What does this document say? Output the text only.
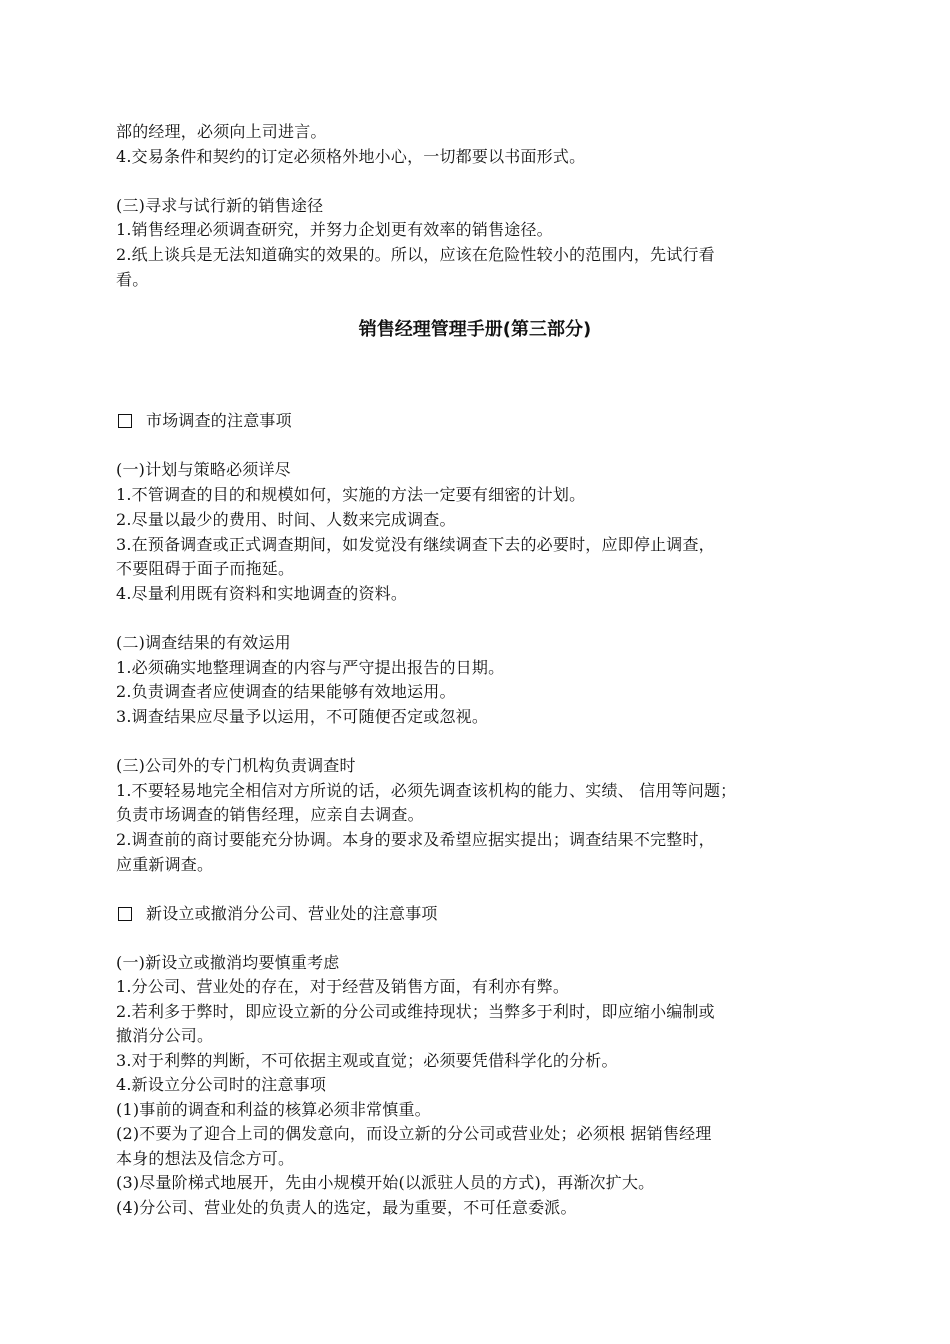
部的经理，必须向上司进言。
4.交易条件和契约的订定必须格外地小心，一切都要以书面形式。
(三)寻求与试行新的销售途径
1.销售经理必须调查研究，并努力企划更有效率的销售途径。
2.纸上谈兵是无法知道确实的效果的。所以，应该在危险性较小的范围内，先试行看
看。
销售经理管理手册(第三部分)
市场调查的注意事项
(一)计划与策略必须详尽
1.不管调查的目的和规模如何，实施的方法一定要有细密的计划。
2.尽量以最少的费用、时间、人数来完成调查。
3.在预备调查或正式调查期间，如发觉没有继续调查下去的必要时，应即停止调查，
不要阻碍于面子而拖延。
4.尽量利用既有资料和实地调查的资料。
(二)调查结果的有效运用
1.必须确实地整理调查的内容与严守提出报告的日期。
2.负责调查者应使调查的结果能够有效地运用。
3.调查结果应尽量予以运用，不可随便否定或忽视。
(三)公司外的专门机构负责调查时
1.不要轻易地完全相信对方所说的话，必须先调查该机构的能力、实绩、 信用等问题；
负责市场调查的销售经理，应亲自去调查。
2.调查前的商讨要能充分协调。本身的要求及希望应据实提出；调查结果不完整时，
应重新调查。
新设立或撤消分公司、营业处的注意事项
(一)新设立或撤消均要慎重考虑
1.分公司、营业处的存在，对于经营及销售方面，有利亦有弊。
2.若利多于弊时，即应设立新的分公司或维持现状；当弊多于利时，即应缩小编制或
撤消分公司。
3.对于利弊的判断，不可依据主观或直觉；必须要凭借科学化的分析。
4.新设立分公司时的注意事项
(1)事前的调查和利益的核算必须非常慎重。
(2)不要为了迎合上司的偶发意向，而设立新的分公司或营业处；必须根 据销售经理
本身的想法及信念方可。
(3)尽量阶梯式地展开，先由小规模开始(以派驻人员的方式)，再渐次扩大。
(4)分公司、营业处的负责人的选定，最为重要，不可任意委派。
